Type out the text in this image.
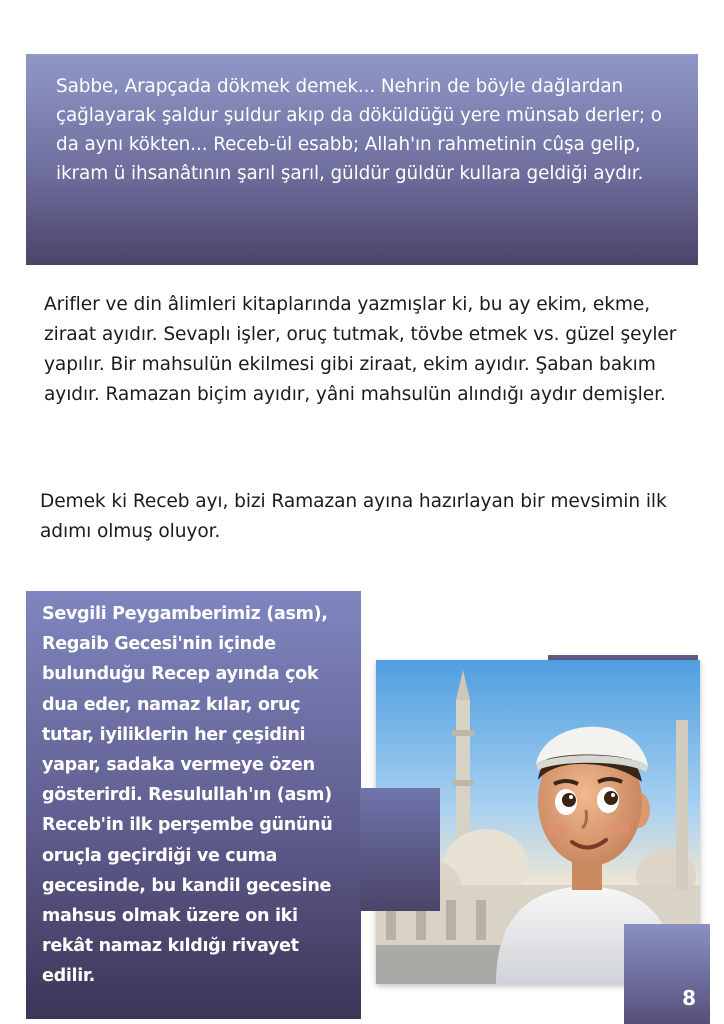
Sabbe, Arapçada dökmek demek... Nehrin de böyle dağlardan çağlayarak şaldur şuldur akıp da döküldüğü yere münsab derler; o da aynı kökten... Receb-ül esabb; Allah'ın rahmetinin cûşa gelip, ikram ü ihsanâtının şarıl şarıl, güldür güldür kullara geldiği aydır.

Arifler ve din âlimleri kitaplarında yazmışlar ki, bu ay ekim, ekme, ziraat ayıdır. Sevaplı işler, oruç tutmak, tövbe etmek vs. güzel şeyler yapılır. Bir mahsulün ekilmesi gibi ziraat, ekim ayıdır. Şaban bakım ayıdır. Ramazan biçim ayıdır, yâni mahsulün alındığı aydır demişler.

Demek ki Receb ayı, bizi Ramazan ayına hazırlayan bir mevsimin ilk adımı olmuş oluyor.

Sevgili Peygamberimiz (asm), Regaib Gecesi'nin içinde bulunduğu Recep ayında çok dua eder, namaz kılar, oruç tutar, iyiliklerin her çeşidini yapar, sadaka vermeye özen gösterirdi. Resulullah'ın (asm) Receb'in ilk perşembe gününü oruçla geçirdiği ve cuma gecesinde, bu kandil gecesine mahsus olmak üzere on iki rekât namaz kıldığı rivayet edilir.

8
